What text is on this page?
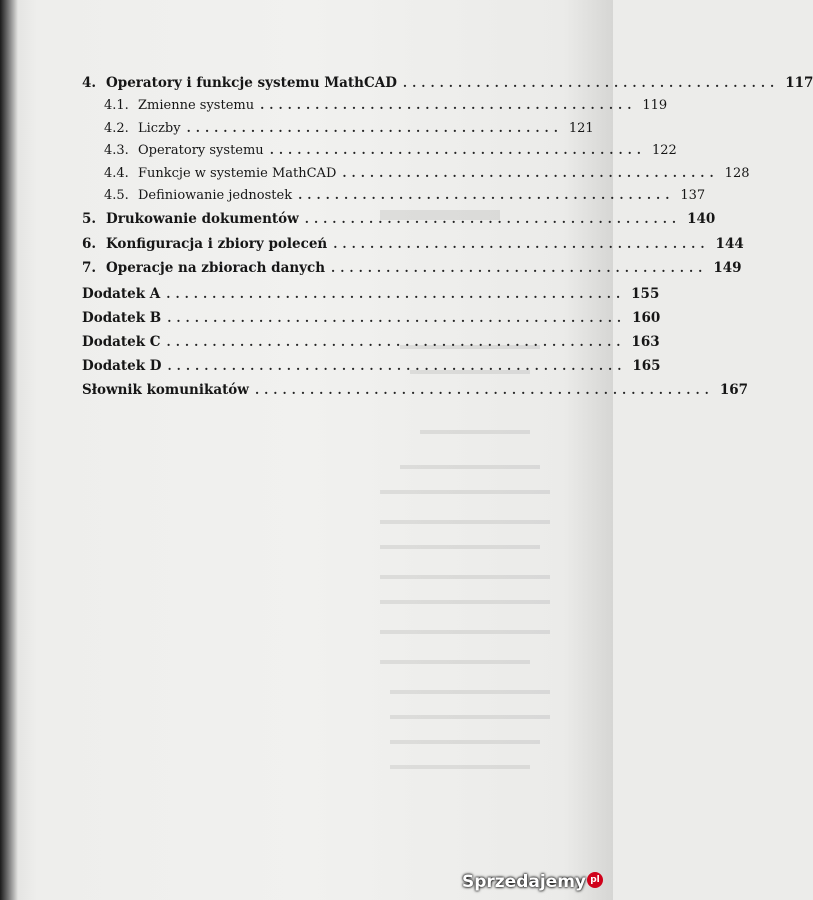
4. Operatory i funkcje systemu MathCAD ......................................... 117
4.1. Zmienne systemu ......................................... 119
4.2. Liczby ......................................... 121
4.3. Operatory systemu ......................................... 122
4.4. Funkcje w systemie MathCAD ......................................... 128
4.5. Definiowanie jednostek ......................................... 137
5. Drukowanie dokumentów ......................................... 140
6. Konfiguracja i zbiory poleceń ......................................... 144
7. Operacje na zbiorach danych ......................................... 149
Dodatek A .................................................. 155
Dodatek B .................................................. 160
Dodatek C .................................................. 163
Dodatek D .................................................. 165
Słownik komunikatów .................................................. 167
Sprzedajemy pl
